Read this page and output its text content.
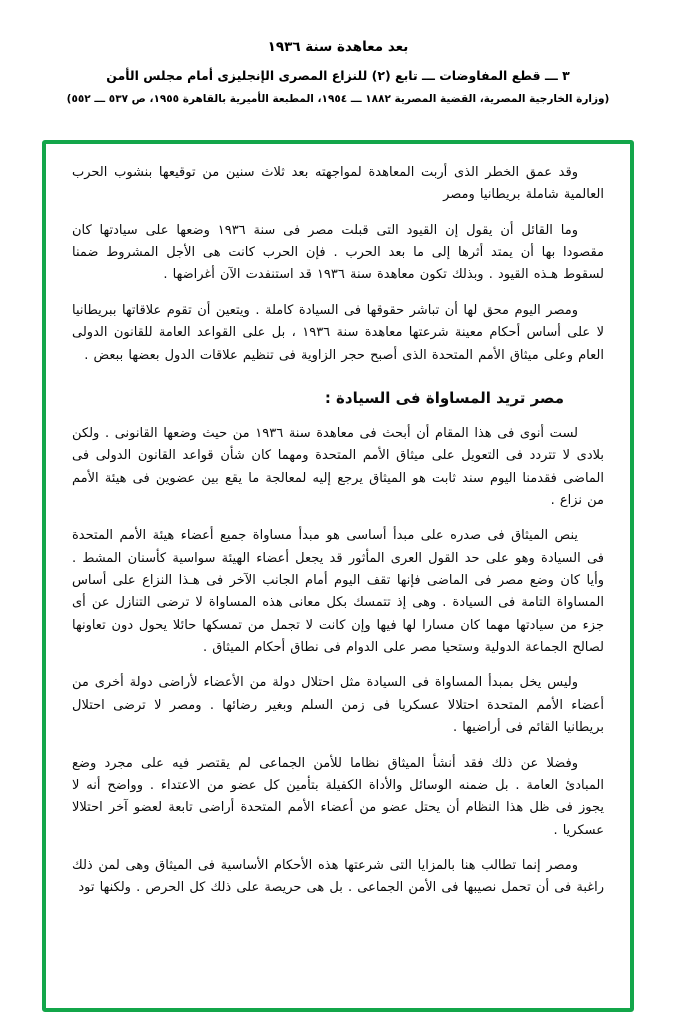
بعد معاهدة سنة ١٩٣٦
٣ ـــ قطع المفاوضات ـــ تابع (٢) للنزاع المصرى الإنجليزى أمام مجلس الأمن
(وزارة الخارجية المصرية، القضية المصرية ١٨٨٢ ـــ ١٩٥٤، المطبعة الأميرية بالقاهرة ١٩٥٥، ص ٥٣٧ ـــ ٥٥٢)

وقد عمق الخطر الذى أربت المعاهدة لمواجهته بعد ثلاث سنين من توقيعها بنشوب الحرب العالمية شاملة بريطانيا ومصر

وما القائل أن يقول إن القيود التى قبلت مصر فى سنة ١٩٣٦ وضعها على سيادتها كان مقصودا بها أن يمتد أثرها إلى ما بعد الحرب . فإن الحرب كانت هى الأجل المشروط ضمنا لسقوط هـذه القيود . وبذلك تكون معاهدة سنة ١٩٣٦ قد استنفدت الآن أغراضها .

ومصر اليوم محق لها أن تباشر حقوقها فى السيادة كاملة . ويتعين أن تقوم علاقاتها ببريطانيا لا على أساس أحكام معينة شرعتها معاهدة سنة ١٩٣٦ ، بل على القواعد العامة للقانون الدولى العام وعلى ميثاق الأمم المتحدة الذى أصبح حجر الزاوية فى تنظيم علاقات الدول بعضها ببعض .

مصر تريد المساواة فى السيادة :

لست أنوى فى هذا المقام أن أبحث فى معاهدة سنة ١٩٣٦ من حيث وضعها القانونى . ولكن بلادى لا تتردد فى التعويل على ميثاق الأمم المتحدة ومهما كان شأن قواعد القانون الدولى فى الماضى فقدمنا اليوم سند ثابت هو الميثاق يرجع إليه لمعالجة ما يقع بين عضوين فى هيئة الأمم من نزاع .

ينص الميثاق فى صدره على مبدأ أساسى هو مبدأ مساواة جميع أعضاء هيئة الأمم المتحدة فى السيادة وهو على حد القول العرى المأثور قد يجعل أعضاء الهيئة سواسية كأسنان المشط . وأيا كان وضع مصر فى الماضى فإنها تقف اليوم أمام الجانب الآخر فى هـذا النزاع على أساس المساواة التامة فى السيادة . وهى إذ تتمسك بكل معانى هذه المساواة لا ترضى التنازل عن أى جزء من سيادتها مهما كان مسارا لها فيها وإن كانت لا تجمل من تمسكها حائلا يحول دون تعاونها لصالح الجماعة الدولية وستحيا مصر على الدوام فى نطاق أحكام الميثاق .

وليس يخل بمبدأ المساواة فى السيادة مثل احتلال دولة من الأعضاء لأراضى دولة أخرى من أعضاء الأمم المتحدة احتلالا عسكريا فى زمن السلم وبغير رضائها . ومصر لا ترضى احتلال بريطانيا القائم فى أراضيها .

وفضلا عن ذلك فقد أنشأ الميثاق نظاما للأمن الجماعى لم يقتصر فيه على مجرد وضع المبادئ العامة . بل ضمنه الوسائل والأداة الكفيلة بتأمين كل عضو من الاعتداء . وواضح أنه لا يجوز فى ظل هذا النظام أن يحتل عضو من أعضاء الأمم المتحدة أراضى تابعة لعضو آخر احتلالا عسكريا .

ومصر إنما تطالب هنا بالمزايا التى شرعتها هذه الأحكام الأساسية فى الميثاق وهى لمن ذلك راغبة فى أن تحمل نصيبها فى الأمن الجماعى . بل هى حريصة على ذلك كل الحرص . ولكنها تود
